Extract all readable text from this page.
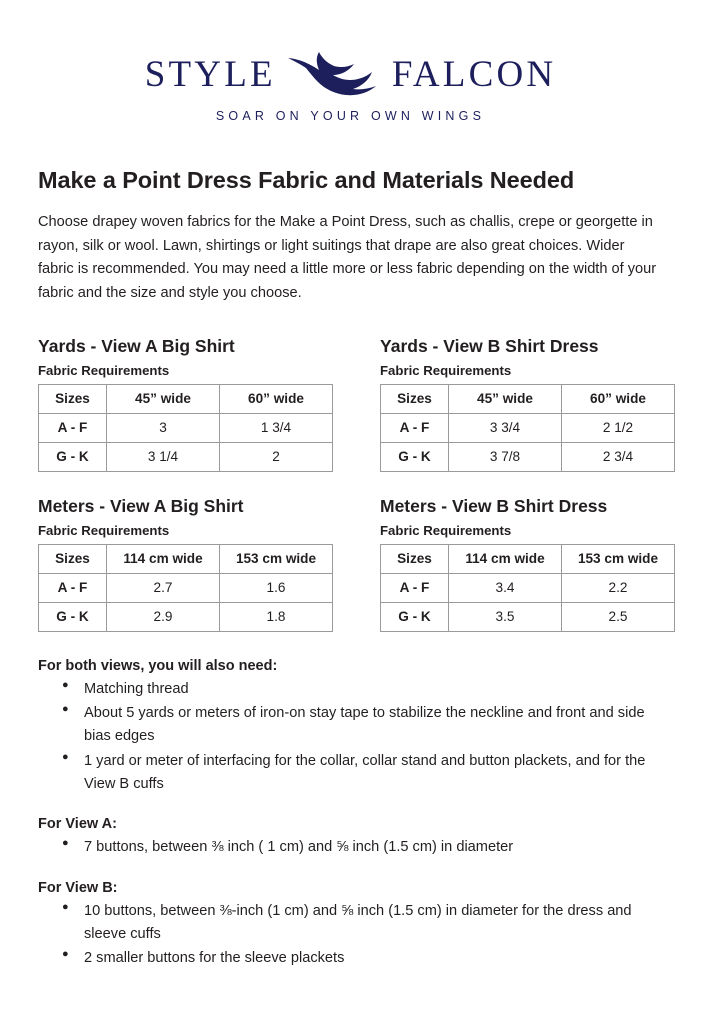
STYLE	FALCON
SOAR ON YOUR OWN WINGS
Make a Point Dress Fabric and Materials Needed

Choose drapey woven fabrics for the Make a Point Dress, such as challis, crepe or georgette in rayon, silk or wool. Lawn, shirtings or light suitings that drape are also great choices. Wider fabric is recommended. You may need a little more or less fabric depending on the width of your fabric and the size and style you choose.

Yards - View A Big Shirt
Fabric Requirements
Sizes	45” wide	60” wide
A - F	3	1 3/4
G - K	3 1/4	2
Yards - View B Shirt Dress
Fabric Requirements
Sizes	45” wide	60” wide
A - F	3 3/4	2 1/2
G - K	3 7/8	2 3/4
Meters - View A Big Shirt
Fabric Requirements
Sizes	114 cm wide	153 cm wide
A - F	2.7	1.6
G - K	2.9	1.8
Meters - View B Shirt Dress
Fabric Requirements
Sizes	114 cm wide	153 cm wide
A - F	3.4	2.2
G - K	3.5	2.5
For both views, you will also need:
● Matching thread
● About 5 yards or meters of iron-on stay tape to stabilize the neckline and front and side bias edges
● 1 yard or meter of interfacing for the collar, collar stand and button plackets, and for the View B cuffs
For View A:
● 7 buttons, between ⅜ inch ( 1 cm) and ⅝ inch (1.5 cm) in diameter
For View B:
● 10 buttons, between ⅜-inch (1 cm) and ⅝ inch (1.5 cm) in diameter for the dress and sleeve cuffs
● 2 smaller buttons for the sleeve plackets
